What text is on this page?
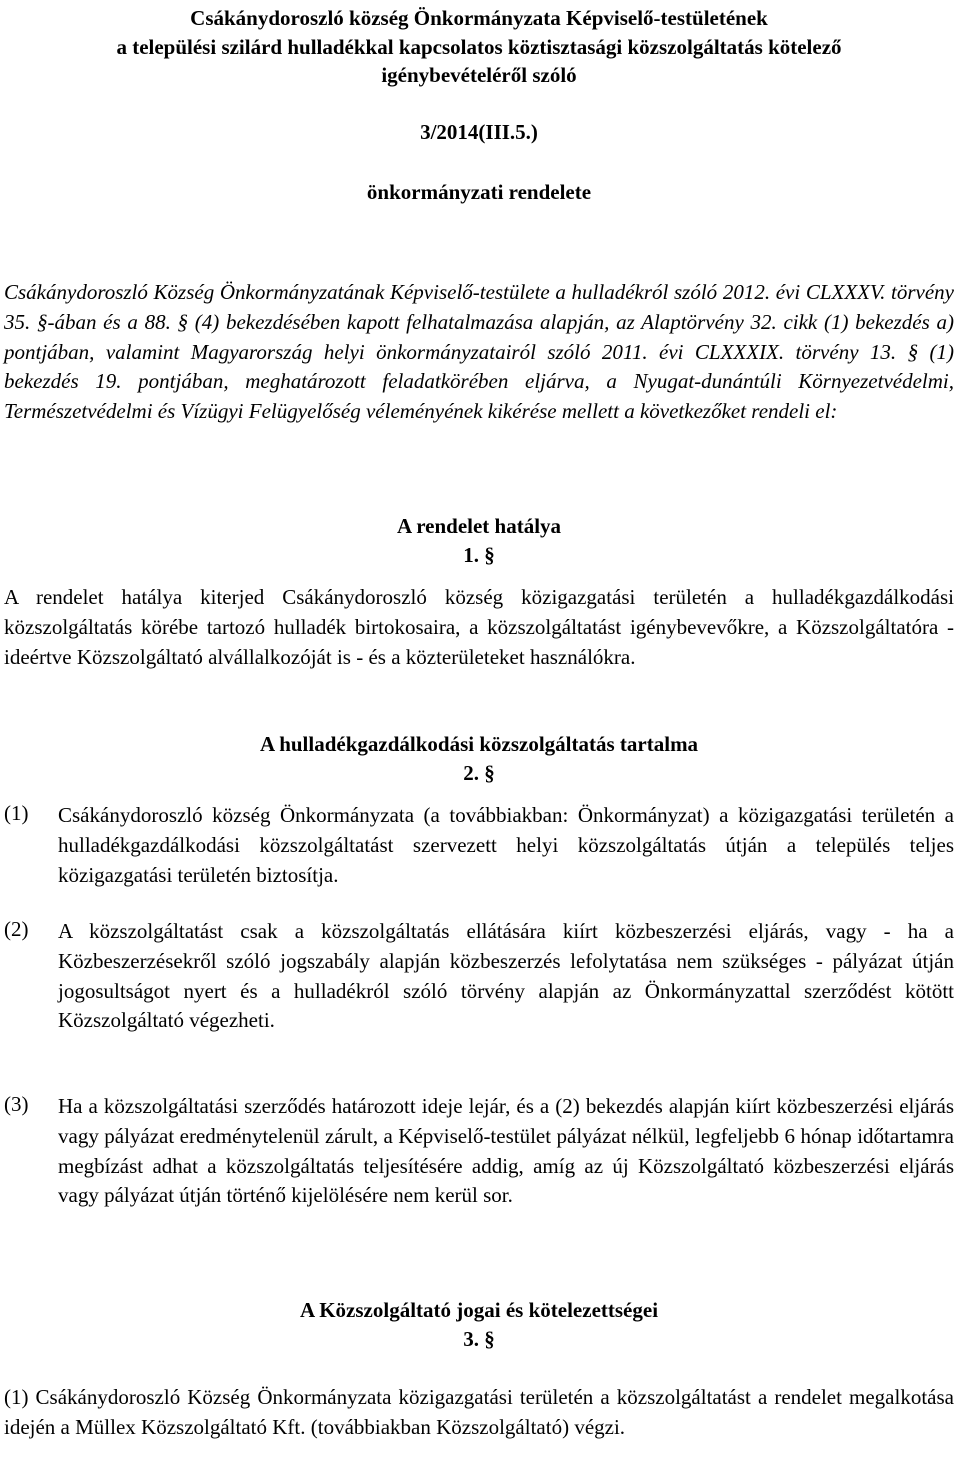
Csákánydoroszló község Önkormányzata Képviselő-testületének
a települési szilárd hulladékkal kapcsolatos köztisztasági közszolgáltatás kötelező
igénybevételéről szóló
3/2014(III.5.)
önkormányzati rendelete

Csákánydoroszló Község Önkormányzatának Képviselő-testülete a hulladékról szóló 2012. évi CLXXXV. törvény 35. §-ában és a 88. § (4) bekezdésében kapott felhatalmazása alapján, az Alaptörvény 32. cikk (1) bekezdés a) pontjában, valamint Magyarország helyi önkormányzatairól szóló 2011. évi CLXXXIX. törvény 13. § (1) bekezdés 19. pontjában, meghatározott feladatkörében eljárva, a Nyugat-dunántúli Környezetvédelmi, Természetvédelmi és Vízügyi Felügyelőség véleményének kikérése mellett a következőket rendeli el:

A rendelet hatálya
1. §

A rendelet hatálya kiterjed Csákánydoroszló község közigazgatási területén a hulladékgazdálkodási közszolgáltatás körébe tartozó hulladék birtokosaira, a közszolgáltatást igénybevevőkre, a Közszolgáltatóra - ideértve Közszolgáltató alvállalkozóját is - és a közterületeket használókra.

A hulladékgazdálkodási közszolgáltatás tartalma
2. §
(1)	Csákánydoroszló község Önkormányzata (a továbbiakban: Önkormányzat) a közigazgatási területén a hulladékgazdálkodási közszolgáltatást szervezett helyi közszolgáltatás útján a település teljes közigazgatási területén biztosítja.
(2)	A közszolgáltatást csak a közszolgáltatás ellátására kiírt közbeszerzési eljárás, vagy - ha a Közbeszerzésekről szóló jogszabály alapján közbeszerzés lefolytatása nem szükséges - pályázat útján jogosultságot nyert és a hulladékról szóló törvény alapján az Önkormányzattal szerződést kötött Közszolgáltató végezheti.
(3)	Ha a közszolgáltatási szerződés határozott ideje lejár, és a (2) bekezdés alapján kiírt közbeszerzési eljárás vagy pályázat eredménytelenül zárult, a Képviselő-testület pályázat nélkül, legfeljebb 6 hónap időtartamra megbízást adhat a közszolgáltatás teljesítésére addig, amíg az új Közszolgáltató közbeszerzési eljárás vagy pályázat útján történő kijelölésére nem kerül sor.
A Közszolgáltató jogai és kötelezettségei
3. §

(1) Csákánydoroszló Község Önkormányzata közigazgatási területén a közszolgáltatást a rendelet megalkotása idején a Müllex Közszolgáltató Kft. (továbbiakban Közszolgáltató) végzi.
